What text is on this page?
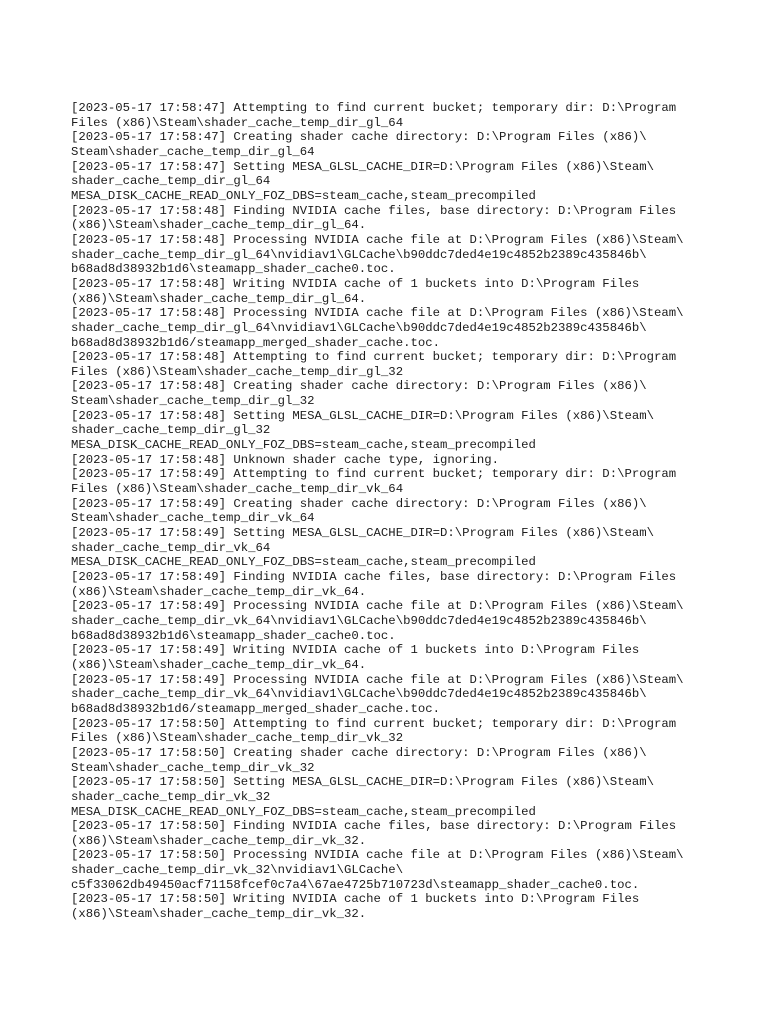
[2023-05-17 17:58:47] Attempting to find current bucket; temporary dir: D:\Program
Files (x86)\Steam\shader_cache_temp_dir_gl_64
[2023-05-17 17:58:47] Creating shader cache directory: D:\Program Files (x86)\
Steam\shader_cache_temp_dir_gl_64
[2023-05-17 17:58:47] Setting MESA_GLSL_CACHE_DIR=D:\Program Files (x86)\Steam\
shader_cache_temp_dir_gl_64
MESA_DISK_CACHE_READ_ONLY_FOZ_DBS=steam_cache,steam_precompiled
[2023-05-17 17:58:48] Finding NVIDIA cache files, base directory: D:\Program Files
(x86)\Steam\shader_cache_temp_dir_gl_64.
[2023-05-17 17:58:48] Processing NVIDIA cache file at D:\Program Files (x86)\Steam\
shader_cache_temp_dir_gl_64\nvidiav1\GLCache\b90ddc7ded4e19c4852b2389c435846b\
b68ad8d38932b1d6\steamapp_shader_cache0.toc.
[2023-05-17 17:58:48] Writing NVIDIA cache of 1 buckets into D:\Program Files
(x86)\Steam\shader_cache_temp_dir_gl_64.
[2023-05-17 17:58:48] Processing NVIDIA cache file at D:\Program Files (x86)\Steam\
shader_cache_temp_dir_gl_64\nvidiav1\GLCache\b90ddc7ded4e19c4852b2389c435846b\
b68ad8d38932b1d6/steamapp_merged_shader_cache.toc.
[2023-05-17 17:58:48] Attempting to find current bucket; temporary dir: D:\Program
Files (x86)\Steam\shader_cache_temp_dir_gl_32
[2023-05-17 17:58:48] Creating shader cache directory: D:\Program Files (x86)\
Steam\shader_cache_temp_dir_gl_32
[2023-05-17 17:58:48] Setting MESA_GLSL_CACHE_DIR=D:\Program Files (x86)\Steam\
shader_cache_temp_dir_gl_32
MESA_DISK_CACHE_READ_ONLY_FOZ_DBS=steam_cache,steam_precompiled
[2023-05-17 17:58:48] Unknown shader cache type, ignoring.
[2023-05-17 17:58:49] Attempting to find current bucket; temporary dir: D:\Program
Files (x86)\Steam\shader_cache_temp_dir_vk_64
[2023-05-17 17:58:49] Creating shader cache directory: D:\Program Files (x86)\
Steam\shader_cache_temp_dir_vk_64
[2023-05-17 17:58:49] Setting MESA_GLSL_CACHE_DIR=D:\Program Files (x86)\Steam\
shader_cache_temp_dir_vk_64
MESA_DISK_CACHE_READ_ONLY_FOZ_DBS=steam_cache,steam_precompiled
[2023-05-17 17:58:49] Finding NVIDIA cache files, base directory: D:\Program Files
(x86)\Steam\shader_cache_temp_dir_vk_64.
[2023-05-17 17:58:49] Processing NVIDIA cache file at D:\Program Files (x86)\Steam\
shader_cache_temp_dir_vk_64\nvidiav1\GLCache\b90ddc7ded4e19c4852b2389c435846b\
b68ad8d38932b1d6\steamapp_shader_cache0.toc.
[2023-05-17 17:58:49] Writing NVIDIA cache of 1 buckets into D:\Program Files
(x86)\Steam\shader_cache_temp_dir_vk_64.
[2023-05-17 17:58:49] Processing NVIDIA cache file at D:\Program Files (x86)\Steam\
shader_cache_temp_dir_vk_64\nvidiav1\GLCache\b90ddc7ded4e19c4852b2389c435846b\
b68ad8d38932b1d6/steamapp_merged_shader_cache.toc.
[2023-05-17 17:58:50] Attempting to find current bucket; temporary dir: D:\Program
Files (x86)\Steam\shader_cache_temp_dir_vk_32
[2023-05-17 17:58:50] Creating shader cache directory: D:\Program Files (x86)\
Steam\shader_cache_temp_dir_vk_32
[2023-05-17 17:58:50] Setting MESA_GLSL_CACHE_DIR=D:\Program Files (x86)\Steam\
shader_cache_temp_dir_vk_32
MESA_DISK_CACHE_READ_ONLY_FOZ_DBS=steam_cache,steam_precompiled
[2023-05-17 17:58:50] Finding NVIDIA cache files, base directory: D:\Program Files
(x86)\Steam\shader_cache_temp_dir_vk_32.
[2023-05-17 17:58:50] Processing NVIDIA cache file at D:\Program Files (x86)\Steam\
shader_cache_temp_dir_vk_32\nvidiav1\GLCache\
c5f33062db49450acf71158fcef0c7a4\67ae4725b710723d\steamapp_shader_cache0.toc.
[2023-05-17 17:58:50] Writing NVIDIA cache of 1 buckets into D:\Program Files
(x86)\Steam\shader_cache_temp_dir_vk_32.
